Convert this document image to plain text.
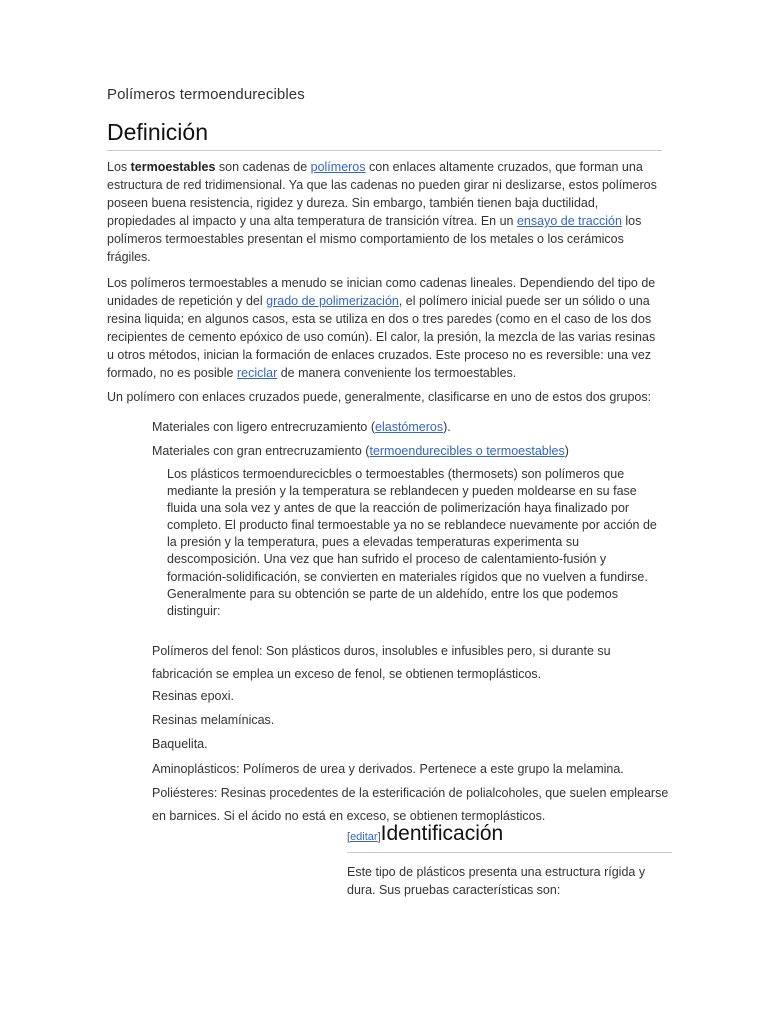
Polímeros termoendurecibles
Definición

Los termoestables son cadenas de polímeros con enlaces altamente cruzados, que forman una estructura de red tridimensional. Ya que las cadenas no pueden girar ni deslizarse, estos polímeros poseen buena resistencia, rigidez y dureza. Sin embargo, también tienen baja ductilidad, propiedades al impacto y una alta temperatura de transición vítrea. En un ensayo de tracción los polímeros termoestables presentan el mismo comportamiento de los metales o los cerámicos frágiles.

Los polímeros termoestables a menudo se inician como cadenas lineales. Dependiendo del tipo de unidades de repetición y del grado de polimerización, el polímero inicial puede ser un sólido o una resina liquida; en algunos casos, esta se utiliza en dos o tres paredes (como en el caso de los dos recipientes de cemento epóxico de uso común). El calor, la presión, la mezcla de las varias resinas u otros métodos, inician la formación de enlaces cruzados. Este proceso no es reversible: una vez formado, no es posible reciclar de manera conveniente los termoestables.

Un polímero con enlaces cruzados puede, generalmente, clasificarse en uno de estos dos grupos:

Materiales con ligero entrecruzamiento (elastómeros).
Materiales con gran entrecruzamiento (termoendurecibles o termoestables)

Los plásticos termoendurecicbles o termoestables (thermosets) son polímeros que mediante la presión y la temperatura se reblandecen y pueden moldearse en su fase fluida una sola vez y antes de que la reacción de polimerización haya finalizado por completo. El producto final termoestable ya no se reblandece nuevamente por acción de la presión y la temperatura, pues a elevadas temperaturas experimenta su descomposición. Una vez que han sufrido el proceso de calentamiento-fusión y formación-solidificación, se convierten en materiales rígidos que no vuelven a fundirse. Generalmente para su obtención se parte de un aldehído, entre los que podemos distinguir:

Polímeros del fenol: Son plásticos duros, insolubles e infusibles pero, si durante su fabricación se emplea un exceso de fenol, se obtienen termoplásticos.

Resinas epoxi.

Resinas melamínicas.

Baquelita.

Aminoplásticos: Polímeros de urea y derivados. Pertenece a este grupo la melamina.

Poliésteres: Resinas procedentes de la esterificación de polialcoholes, que suelen emplearse en barnices. Si el ácido no está en exceso, se obtienen termoplásticos.

[editar]Identificación

Este tipo de plásticos presenta una estructura rígida y dura. Sus pruebas características son:
